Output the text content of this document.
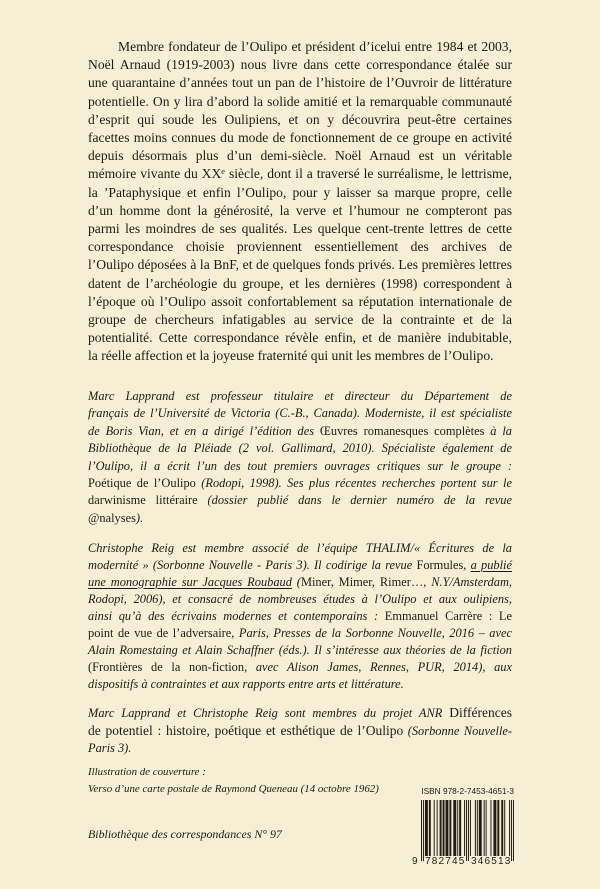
Membre fondateur de l’Oulipo et président d’icelui entre 1984 et 2003,
Noël Arnaud (1919-2003) nous livre dans cette correspondance étalée sur
une quarantaine d’années tout un pan de l’histoire de l’Ouvroir de littérature
potentielle. On y lira d’abord la solide amitié et la remarquable communauté
d’esprit qui soude les Oulipiens, et on y découvrira peut-être certaines
facettes moins connues du mode de fonctionnement de ce groupe en activité
depuis désormais plus d’un demi-siècle. Noël Arnaud est un véritable
mémoire vivante du XXe siècle, dont il a traversé le surréalisme, le lettrisme,
la ’Pataphysique et enfin l’Oulipo, pour y laisser sa marque propre, celle
d’un homme dont la générosité, la verve et l’humour ne compteront pas
parmi les moindres de ses qualités. Les quelque cent-trente lettres de cette
correspondance choisie proviennent essentiellement des archives de
l’Oulipo déposées à la BnF, et de quelques fonds privés. Les premières lettres
datent de l’archéologie du groupe, et les dernières (1998) correspondent à
l’époque où l’Oulipo assoit confortablement sa réputation internationale de
groupe de chercheurs infatigables au service de la contrainte et de la
potentialité. Cette correspondance révèle enfin, et de manière indubitable,
la réelle affection et la joyeuse fraternité qui unit les membres de l’Oulipo.
Marc Lapprand est professeur titulaire et directeur du Département de
français de l’Université de Victoria (C.-B., Canada). Moderniste, il est spécialiste
de Boris Vian, et en a dirigé l’édition des Œuvres romanesques complètes à la
Bibliothèque de la Pléiade (2 vol. Gallimard, 2010). Spécialiste également de
l’Oulipo, il a écrit l’un des tout premiers ouvrages critiques sur le groupe :
Poétique de l’Oulipo (Rodopi, 1998). Ses plus récentes recherches portent sur le
darwinisme littéraire (dossier publié dans le dernier numéro de la revue
@nalyses).
Christophe Reig est membre associé de l’équipe THALIM/« Écritures de la
modernité » (Sorbonne Nouvelle - Paris 3). Il codirige la revue Formules, a publié
une monographie sur Jacques Roubaud (Miner, Mimer, Rimer…, N.Y/Amsterdam,
Rodopi, 2006), et consacré de nombreuses études à l’Oulipo et aux oulipiens,
ainsi qu’à des écrivains modernes et contemporains : Emmanuel Carrère : Le
point de vue de l’adversaire, Paris, Presses de la Sorbonne Nouvelle, 2016 – avec
Alain Romestaing et Alain Schaffner (éds.). Il s’intéresse aux théories de la fiction
(Frontières de la non-fiction, avec Alison James, Rennes, PUR, 2014), aux
dispositifs à contraintes et aux rapports entre arts et littérature.
Marc Lapprand et Christophe Reig sont membres du projet ANR Différences
de potentiel : histoire, poétique et esthétique de l’Oulipo (Sorbonne Nouvelle-
Paris 3).
Illustration de couverture :
Verso d’une carte postale de Raymond Queneau (14 octobre 1962)
Bibliothèque des correspondances N° 97
ISBN 978-2-7453-4651-3
9 782745 346513
